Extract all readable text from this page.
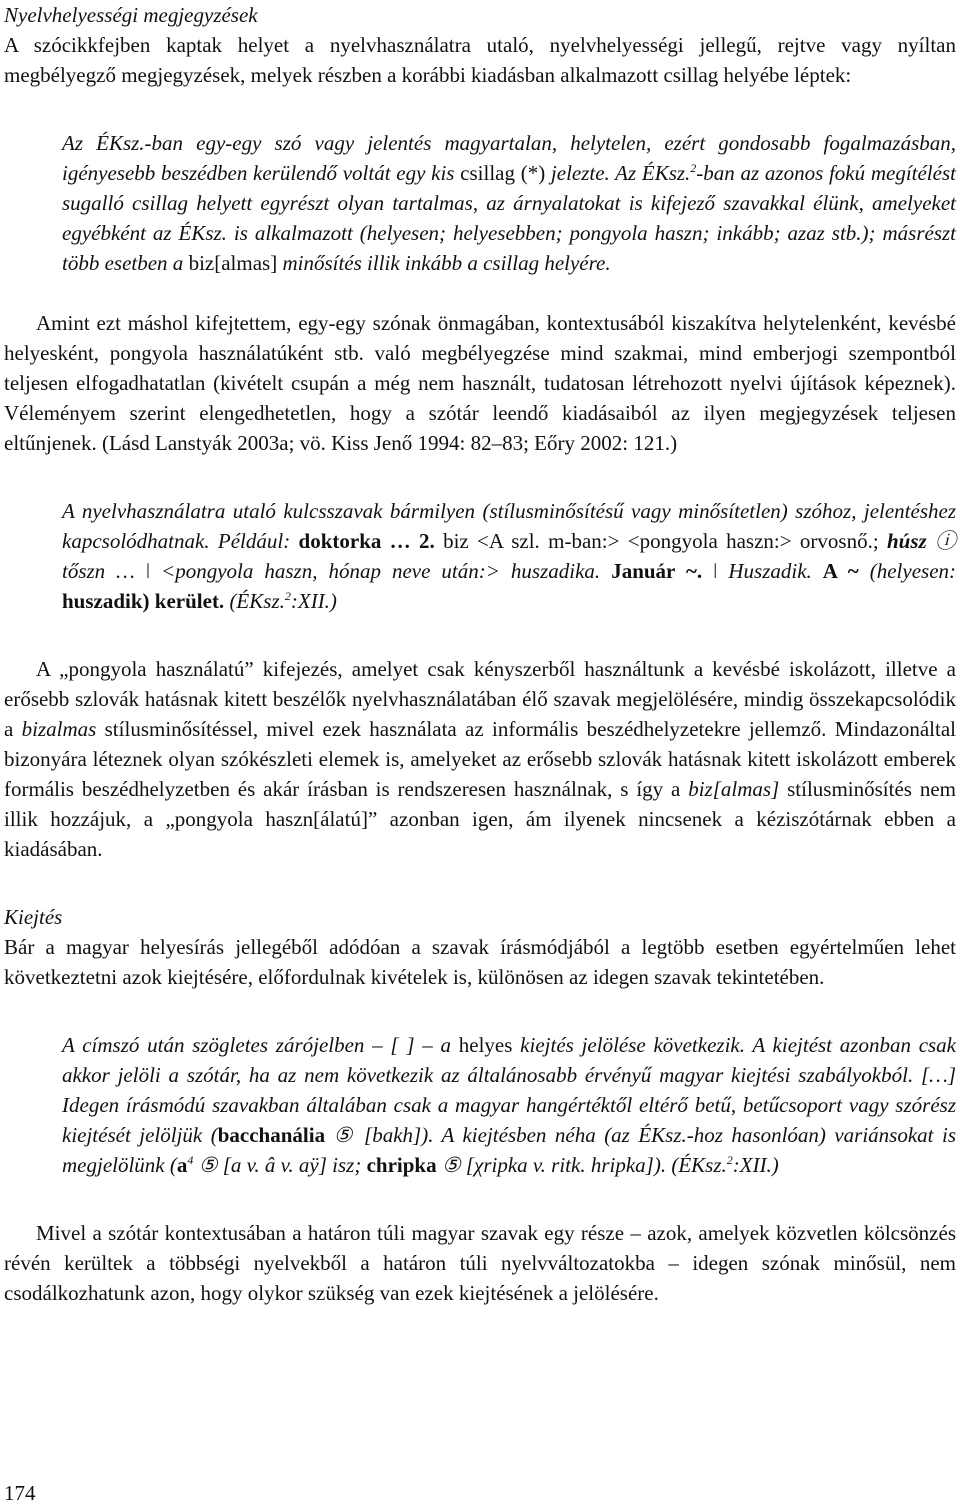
Nyelvhelyességi megjegyzések

A szócikkfejben kaptak helyet a nyelvhasználatra utaló, nyelvhelyességi jellegű, rejtve vagy nyíltan megbélyegző megjegyzések, melyek részben a korábbi kiadásban alkalmazott csillag helyébe léptek:

Az ÉKsz.-ban egy-egy szó vagy jelentés magyartalan, helytelen, ezért gondosabb fogalmazásban, igényesebb beszédben kerülendő voltát egy kis csillag (*) jelezte. Az ÉKsz.$^2$-ban az azonos fokú megítélést sugalló csillag helyett egyrészt olyan tartalmas, az árnyalatokat is kifejező szavakkal élünk, amelyeket egyébként az ÉKsz. is alkalmazott (helyesen; helyesebben; pongyola haszn; inkább; azaz stb.); másrészt több esetben a biz[almas] minősítés illik inkább a csillag helyére.

Amint ezt máshol kifejtettem, egy-egy szónak önmagában, kontextusából kiszakítva helytelenként, kevésbé helyesként, pongyola használatúként stb. való megbélyegzése mind szakmai, mind emberjogi szempontból teljesen elfogadhatatlan (kivételt csupán a még nem használt, tudatosan létrehozott nyelvi újítások képeznek). Véleményem szerint elengedhetetlen, hogy a szótár leendő kiadásaiból az ilyen megjegyzések teljesen eltűnjenek. (Lásd Lanstyák 2003a; vö. Kiss Jenő 1994: 82–83; Eőry 2002: 121.)

A nyelvhasználatra utaló kulcsszavak bármilyen (stílusminősítésű vagy minősítetlen) szóhoz, jelentéshez kapcsolódhatnak. Például: doktorka … 2. biz <A szl. m-ban:> <pongyola haszn:> orvosnő.; húsz ⓘ tőszn … ǀ <pongyola haszn, hónap neve után:> huszadika. Január ~. ǀ Huszadik. A ~ (helyesen: huszadik) kerület. (ÉKsz.$^2$:XII.)

A „pongyola használatú” kifejezés, amelyet csak kényszerből használtunk a kevésbé iskolázott, illetve a erősebb szlovák hatásnak kitett beszélők nyelvhasználatában élő szavak megjelölésére, mindig összekapcsolódik a bizalmas stílusminősítéssel, mivel ezek használata az informális beszédhelyzetekre jellemző. Mindazonáltal bizonyára léteznek olyan szókészleti elemek is, amelyeket az erősebb szlovák hatásnak kitett iskolázott emberek formális beszédhelyzetben és akár írásban is rendszeresen használnak, s így a biz[almas] stílusminősítés nem illik hozzájuk, a „pongyola haszn[álatú]” azonban igen, ám ilyenek nincsenek a kéziszótárnak ebben a kiadásában.

Kiejtés

Bár a magyar helyesírás jellegéből adódóan a szavak írásmódjából a legtöbb esetben egyértelműen lehet következtetni azok kiejtésére, előfordulnak kivételek is, különösen az idegen szavak tekintetében.

A címszó után szögletes zárójelben – [ ] – a helyes kiejtés jelölése következik. A kiejtést azonban csak akkor jelöli a szótár, ha az nem következik az általánosabb érvényű magyar kiejtési szabályokból. […] Idegen írásmódú szavakban általában csak a magyar hangértéktől eltérő betű, betűcsoport vagy szórész kiejtését jelöljük (bacchanália ⑤ [bakh]). A kiejtésben néha (az ÉKsz.-hoz hasonlóan) variánsokat is megjelölünk ($a^4$ ⑤ [a v. â v. aÿ] isz; chripka ⑤ [χripka v. ritk. hripka]). (ÉKsz.$^2$:XII.)

Mivel a szótár kontextusában a határon túli magyar szavak egy része – azok, amelyek közvetlen kölcsönzés révén kerültek a többségi nyelvekből a határon túli nyelvváltozatokba – idegen szónak minősül, nem csodálkozhatunk azon, hogy olykor szükség van ezek kiejtésének a jelölésére.

174
